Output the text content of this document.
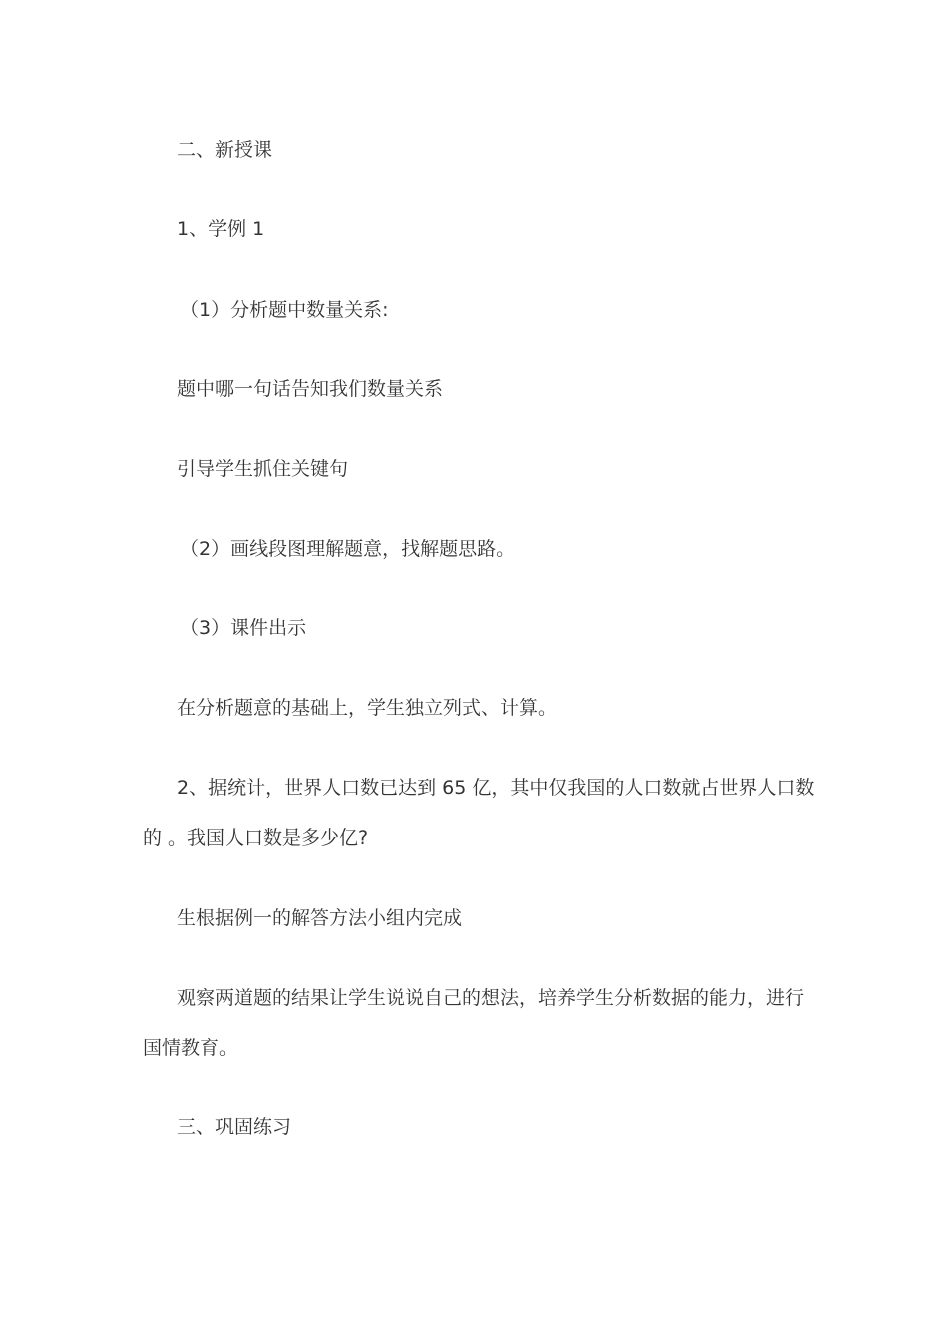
二、新授课
1、学例 1
（1）分析题中数量关系:
题中哪一句话告知我们数量关系
引导学生抓住关键句
（2）画线段图理解题意，找解题思路。
（3）课件出示
在分析题意的基础上，学生独立列式、计算。
2、据统计，世界人口数已达到 65 亿，其中仅我国的人口数就占世界人口数
的 。我国人口数是多少亿?
生根据例一的解答方法小组内完成
观察两道题的结果让学生说说自己的想法，培养学生分析数据的能力，进行
国情教育。
三、巩固练习
